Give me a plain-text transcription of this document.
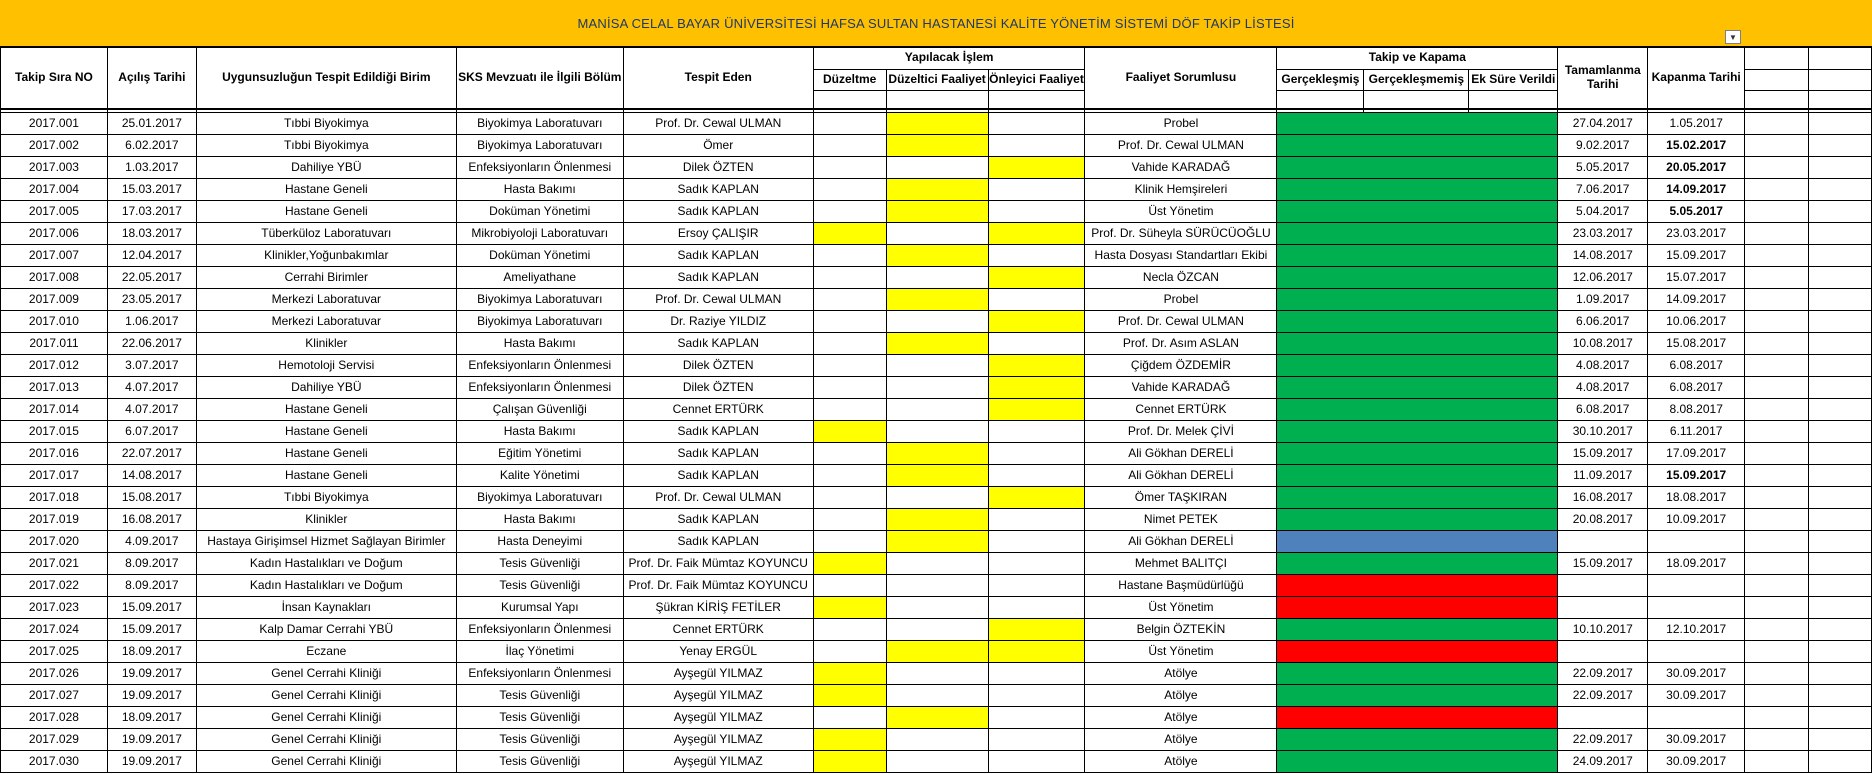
MANİSA CELAL BAYAR ÜNİVERSİTESİ HAFSA SULTAN HASTANESİ KALİTE YÖNETİM SİSTEMİ DÖF TAKİP LİSTESİ
▼
Takip Sıra NO	Açılış Tarihi	Uygunsuzluğun Tespit Edildiği Birim	SKS Mevzuatı ile İlgili Bölüm	Tespit Eden	Yapılacak İşlem			Faaliyet Sorumlusu	Takip ve Kapama			Tamamlanma Tarihi	Kapanma Tarihi		
					Düzeltme	Düzeltici Faaliyet	Önleyici Faaliyet		Gerçekleşmiş	Gerçekleşmemiş	Ek Süre Verildi				

2017.001	25.01.2017	Tıbbi Biyokimya	Biyokimya Laboratuvarı	Prof. Dr. Cewal ULMAN				Probel				27.04.2017	1.05.2017		
2017.002	6.02.2017	Tıbbi Biyokimya	Biyokimya Laboratuvarı	Ömer				Prof. Dr. Cewal ULMAN				9.02.2017	15.02.2017		
2017.003	1.03.2017	Dahiliye YBÜ	Enfeksiyonların Önlenmesi	Dilek ÖZTEN				Vahide KARADAĞ				5.05.2017	20.05.2017		
2017.004	15.03.2017	Hastane Geneli	Hasta Bakımı	Sadık KAPLAN				Klinik Hemşireleri				7.06.2017	14.09.2017		
2017.005	17.03.2017	Hastane Geneli	Doküman Yönetimi	Sadık KAPLAN				Üst Yönetim				5.04.2017	5.05.2017		
2017.006	18.03.2017	Tüberküloz Laboratuvarı	Mikrobiyoloji Laboratuvarı	Ersoy ÇALIŞIR				Prof. Dr. Süheyla SÜRÜCÜOĞLU				23.03.2017	23.03.2017		
2017.007	12.04.2017	Klinikler,Yoğunbakımlar	Doküman Yönetimi	Sadık KAPLAN				Hasta Dosyası Standartları Ekibi				14.08.2017	15.09.2017		
2017.008	22.05.2017	Cerrahi Birimler	Ameliyathane	Sadık KAPLAN				Necla ÖZCAN				12.06.2017	15.07.2017		
2017.009	23.05.2017	Merkezi Laboratuvar	Biyokimya Laboratuvarı	Prof. Dr. Cewal ULMAN				Probel				1.09.2017	14.09.2017		
2017.010	1.06.2017	Merkezi Laboratuvar	Biyokimya Laboratuvarı	Dr. Raziye YILDIZ				Prof. Dr. Cewal ULMAN				6.06.2017	10.06.2017		
2017.011	22.06.2017	Klinikler	Hasta Bakımı	Sadık KAPLAN				Prof. Dr. Asım ASLAN				10.08.2017	15.08.2017		
2017.012	3.07.2017	Hemotoloji Servisi	Enfeksiyonların Önlenmesi	Dilek ÖZTEN				Çiğdem ÖZDEMİR				4.08.2017	6.08.2017		
2017.013	4.07.2017	Dahiliye YBÜ	Enfeksiyonların Önlenmesi	Dilek ÖZTEN				Vahide KARADAĞ				4.08.2017	6.08.2017		
2017.014	4.07.2017	Hastane Geneli	Çalışan Güvenliği	Cennet ERTÜRK				Cennet ERTÜRK				6.08.2017	8.08.2017		
2017.015	6.07.2017	Hastane Geneli	Hasta Bakımı	Sadık KAPLAN				Prof. Dr. Melek ÇİVİ				30.10.2017	6.11.2017		
2017.016	22.07.2017	Hastane Geneli	Eğitim Yönetimi	Sadık KAPLAN				Ali Gökhan DERELİ				15.09.2017	17.09.2017		
2017.017	14.08.2017	Hastane Geneli	Kalite Yönetimi	Sadık KAPLAN				Ali Gökhan DERELİ				11.09.2017	15.09.2017		
2017.018	15.08.2017	Tıbbi Biyokimya	Biyokimya Laboratuvarı	Prof. Dr. Cewal ULMAN				Ömer TAŞKIRAN				16.08.2017	18.08.2017		
2017.019	16.08.2017	Klinikler	Hasta Bakımı	Sadık KAPLAN				Nimet PETEK				20.08.2017	10.09.2017		
2017.020	4.09.2017	Hastaya Girişimsel Hizmet Sağlayan Birimler	Hasta Deneyimi	Sadık KAPLAN				Ali Gökhan DERELİ							
2017.021	8.09.2017	Kadın Hastalıkları ve Doğum	Tesis Güvenliği	Prof. Dr. Faik Mümtaz KOYUNCU				Mehmet BALITÇI				15.09.2017	18.09.2017		
2017.022	8.09.2017	Kadın Hastalıkları ve Doğum	Tesis Güvenliği	Prof. Dr. Faik Mümtaz KOYUNCU				Hastane Başmüdürlüğü							
2017.023	15.09.2017	İnsan Kaynakları	Kurumsal Yapı	Şükran KİRİŞ FETİLER				Üst Yönetim							
2017.024	15.09.2017	Kalp Damar Cerrahi YBÜ	Enfeksiyonların Önlenmesi	Cennet ERTÜRK				Belgin ÖZTEKİN				10.10.2017	12.10.2017		
2017.025	18.09.2017	Eczane	İlaç Yönetimi	Yenay ERGÜL				Üst Yönetim							
2017.026	19.09.2017	Genel Cerrahi Kliniği	Enfeksiyonların Önlenmesi	Ayşegül YILMAZ				Atölye				22.09.2017	30.09.2017		
2017.027	19.09.2017	Genel Cerrahi Kliniği	Tesis Güvenliği	Ayşegül YILMAZ				Atölye				22.09.2017	30.09.2017		
2017.028	18.09.2017	Genel Cerrahi Kliniği	Tesis Güvenliği	Ayşegül YILMAZ				Atölye							
2017.029	19.09.2017	Genel Cerrahi Kliniği	Tesis Güvenliği	Ayşegül YILMAZ				Atölye				22.09.2017	30.09.2017		
2017.030	19.09.2017	Genel Cerrahi Kliniği	Tesis Güvenliği	Ayşegül YILMAZ				Atölye				24.09.2017	30.09.2017		
